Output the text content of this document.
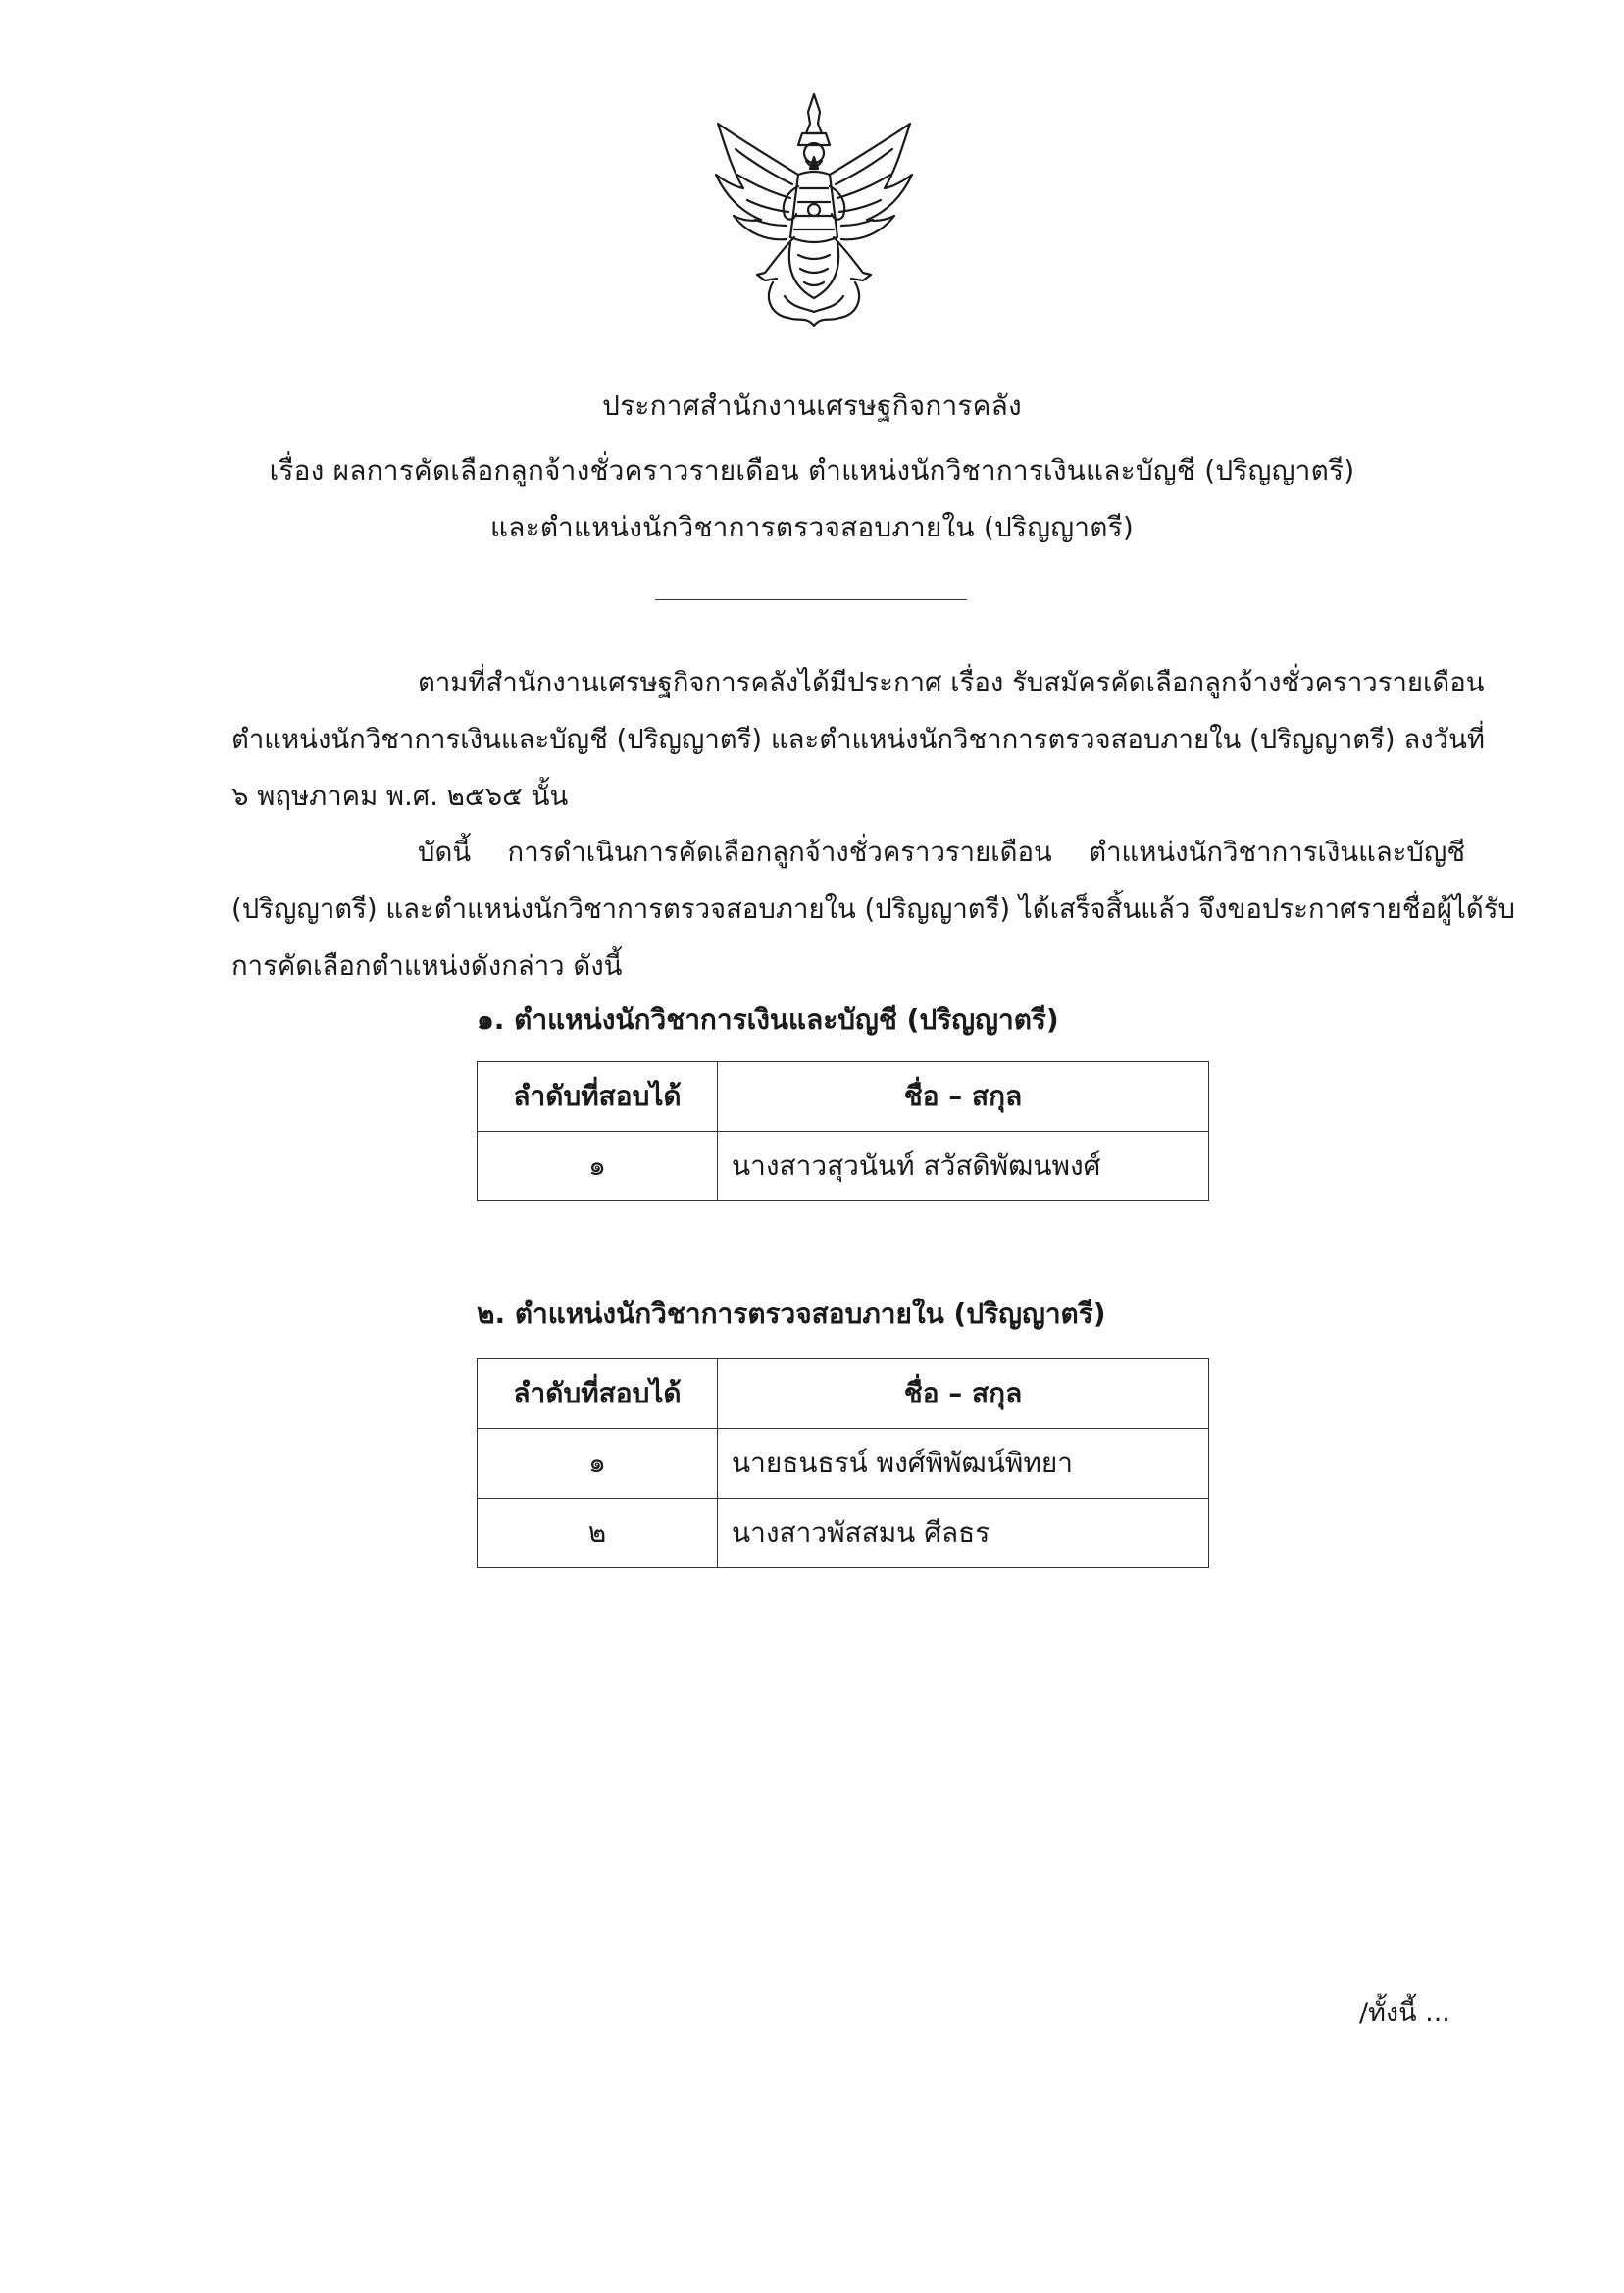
ประกาศสำนักงานเศรษฐกิจการคลัง
เรื่อง ผลการคัดเลือกลูกจ้างชั่วคราวรายเดือน ตำแหน่งนักวิชาการเงินและบัญชี (ปริญญาตรี)
และตำแหน่งนักวิชาการตรวจสอบภายใน (ปริญญาตรี)
ตามที่สำนักงานเศรษฐกิจการคลังได้มีประกาศ เรื่อง รับสมัครคัดเลือกลูกจ้างชั่วคราวรายเดือน
ตำแหน่งนักวิชาการเงินและบัญชี (ปริญญาตรี) และตำแหน่งนักวิชาการตรวจสอบภายใน (ปริญญาตรี) ลงวันที่
๖ พฤษภาคม พ.ศ. ๒๕๖๕ นั้น
บัดนี้ การดำเนินการคัดเลือกลูกจ้างชั่วคราวรายเดือน ตำแหน่งนักวิชาการเงินและบัญชี
(ปริญญาตรี) และตำแหน่งนักวิชาการตรวจสอบภายใน (ปริญญาตรี) ได้เสร็จสิ้นแล้ว จึงขอประกาศรายชื่อผู้ได้รับ
การคัดเลือกตำแหน่งดังกล่าว ดังนี้
๑. ตำแหน่งนักวิชาการเงินและบัญชี (ปริญญาตรี)
ลำดับที่สอบได้	ชื่อ – สกุล
๑	นางสาวสุวนันท์ สวัสดิพัฒนพงศ์
๒. ตำแหน่งนักวิชาการตรวจสอบภายใน (ปริญญาตรี)
ลำดับที่สอบได้	ชื่อ – สกุล
๑	นายธนธรน์ พงศ์พิพัฒน์พิทยา
๒	นางสาวพัสสมน ศีลธร
/ทั้งนี้ ...
